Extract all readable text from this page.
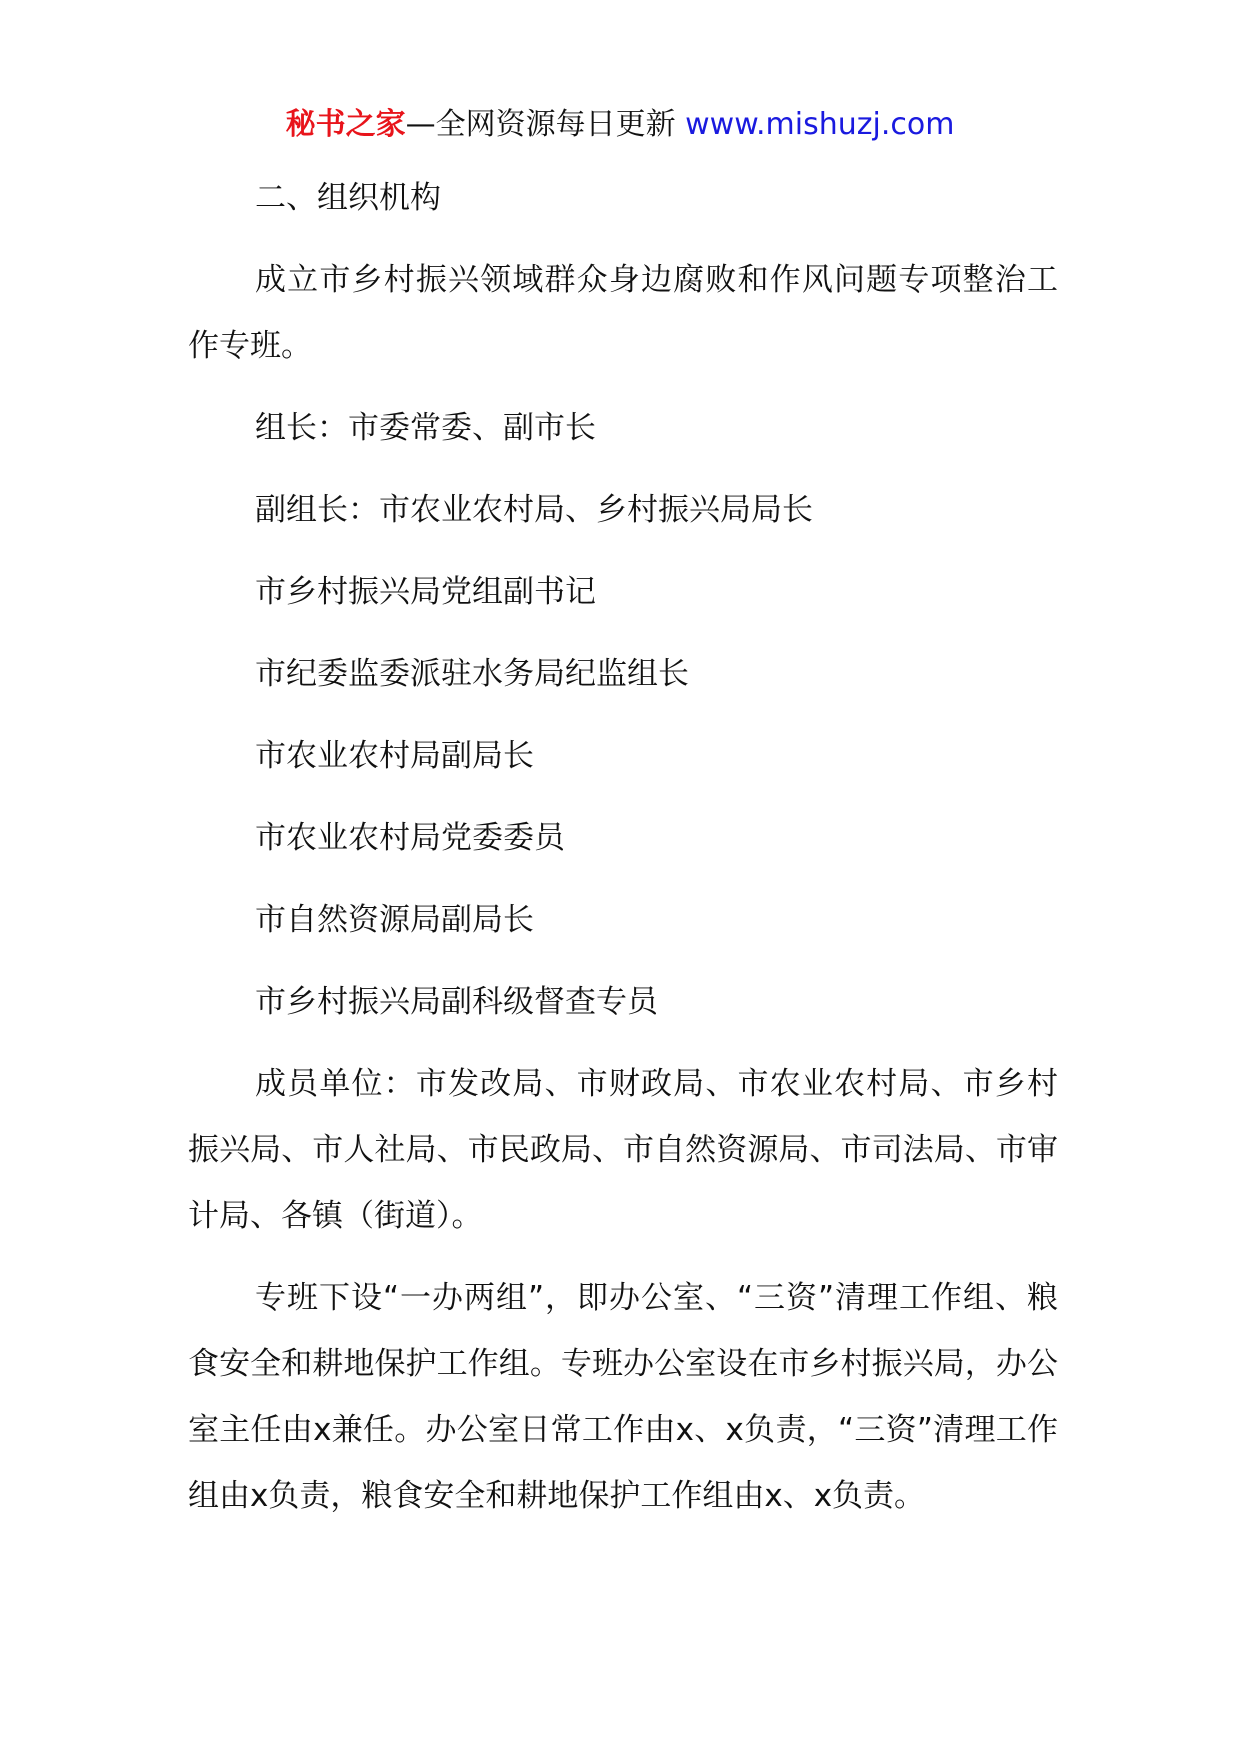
秘书之家—全网资源每日更新 www.mishuzj.com

二、组织机构

成立市乡村振兴领域群众身边腐败和作风问题专项整治工作专班。

组长：市委常委、副市长

副组长：市农业农村局、乡村振兴局局长

市乡村振兴局党组副书记

市纪委监委派驻水务局纪监组长

市农业农村局副局长

市农业农村局党委委员

市自然资源局副局长

市乡村振兴局副科级督查专员

成员单位：市发改局、市财政局、市农业农村局、市乡村振兴局、市人社局、市民政局、市自然资源局、市司法局、市审计局、各镇（街道）。

专班下设“一办两组”，即办公室、“三资”清理工作组、粮食安全和耕地保护工作组。专班办公室设在市乡村振兴局，办公室主任由x兼任。办公室日常工作由x、x负责，“三资”清理工作组由x负责，粮食安全和耕地保护工作组由x、x负责。
